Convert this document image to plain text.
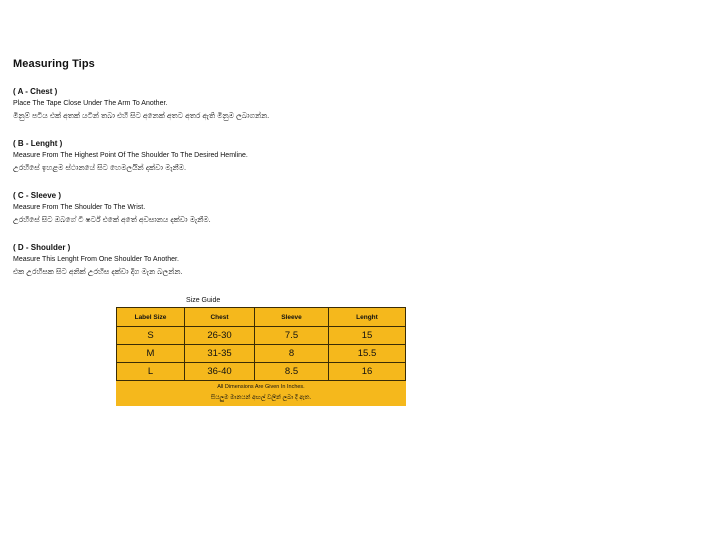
Measuring Tips
( A - Chest )
Place The Tape Close Under The Arm To Another.
මිනුම් පටිය එක් අතක් යටින් තබා එහි සිට අනෙක් අතට අතර ඇති මිනුම ලබාගන්න.
( B - Lenght )
Measure From The Highest Point Of The Shoulder To The Desired Hemline.
උරහිසේ ඉහළම ස්ථානයේ සිට හෙමලයින් දක්වා මැනීම.
( C - Sleeve )
Measure From The Shoulder To The Wrist.
උරහිසේ සිට ඔබගේ ටී ෂර්ට් එකේ අතේ අවසානය දක්වා මැනීම.
( D - Shoulder )
Measure This Lenght From One Shoulder To Another.
එක උරහිසක සිට අනික් උරහිස දක්වා දිග මැන බලන්න.
Size Guide
Label Size	Chest	Sleeve	Lenght
S	26-30	7.5	15
M	31-35	8	15.5
L	36-40	8.5	16
All Dimensions Are Given In Inches.			
සියලුම මානයන් අඟල් වලින් ලබා දී ඇත.			
